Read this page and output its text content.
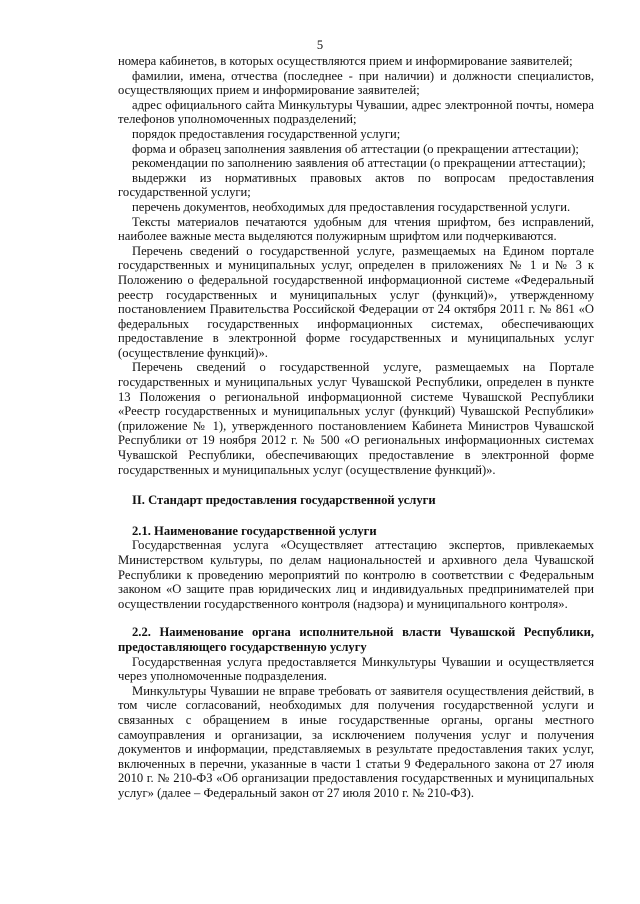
5

номера кабинетов, в которых осуществляются прием и информирование заявителей;

фамилии, имена, отчества (последнее - при наличии) и должности специалистов, осуществляющих прием и информирование заявителей;

адрес официального сайта Минкультуры Чувашии, адрес электронной почты, номера телефонов уполномоченных подразделений;

порядок предоставления государственной услуги;

форма и образец заполнения заявления об аттестации (о прекращении аттестации);

рекомендации по заполнению заявления об аттестации (о прекращении аттестации);

выдержки из нормативных правовых актов по вопросам предоставления государственной услуги;

перечень документов, необходимых для предоставления государственной услуги.

Тексты материалов печатаются удобным для чтения шрифтом, без исправлений, наиболее важные места выделяются полужирным шрифтом или подчеркиваются.

Перечень сведений о государственной услуге, размещаемых на Едином портале государственных и муниципальных услуг, определен в приложениях № 1 и № 3 к Положению о федеральной государственной информационной системе «Федеральный реестр государственных и муниципальных услуг (функций)», утвержденному постановлением Правительства Российской Федерации от 24 октября 2011 г. № 861 «О федеральных государственных информационных системах, обеспечивающих предоставление в электронной форме государственных и муниципальных услуг (осуществление функций)».

Перечень сведений о государственной услуге, размещаемых на Портале государственных и муниципальных услуг Чувашской Республики, определен в пункте 13 Положения о региональной информационной системе Чувашской Республики «Реестр государственных и муниципальных услуг (функций) Чувашской Республики» (приложение № 1), утвержденного постановлением Кабинета Министров Чувашской Республики от 19 ноября 2012 г. № 500 «О региональных информационных системах Чувашской Республики, обеспечивающих предоставление в электронной форме государственных и муниципальных услуг (осуществление функций)».

II. Стандарт предоставления государственной услуги

2.1. Наименование государственной услуги

Государственная услуга «Осуществляет аттестацию экспертов, привлекаемых Министерством культуры, по делам национальностей и архивного дела Чувашской Республики к проведению мероприятий по контролю в соответствии с Федеральным законом «О защите прав юридических лиц и индивидуальных предпринимателей при осуществлении государственного контроля (надзора) и муниципального контроля».

2.2. Наименование органа исполнительной власти Чувашской Республики, предоставляющего государственную услугу

Государственная услуга предоставляется Минкультуры Чувашии и осуществляется через уполномоченные подразделения.

Минкультуры Чувашии не вправе требовать от заявителя осуществления действий, в том числе согласований, необходимых для получения государственной услуги и связанных с обращением в иные государственные органы, органы местного самоуправления и организации, за исключением получения услуг и получения документов и информации, представляемых в результате предоставления таких услуг, включенных в перечни, указанные в части 1 статьи 9 Федерального закона от 27 июля 2010 г. № 210-ФЗ «Об организации предоставления государственных и муниципальных услуг» (далее – Федеральный закон от 27 июля 2010 г. № 210-ФЗ).
